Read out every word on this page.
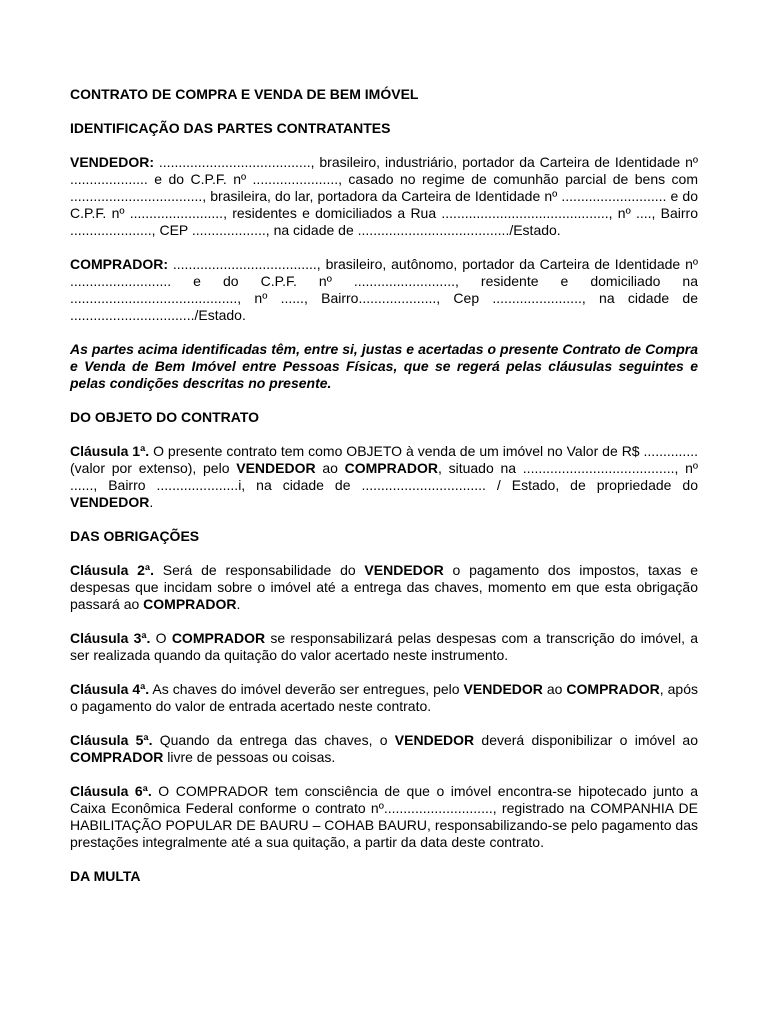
CONTRATO DE COMPRA E VENDA DE BEM IMÓVEL

IDENTIFICAÇÃO DAS PARTES CONTRATANTES

VENDEDOR: ......................................., brasileiro, industriário, portador da Carteira de Identidade nº .................... e do C.P.F. nº ......................, casado no regime de comunhão parcial de bens com .................................., brasileira, do lar, portadora da Carteira de Identidade nº ........................... e do C.P.F. nº ........................, residentes e domiciliados a Rua ..........................................., nº ...., Bairro ....................., CEP ..................., na cidade de ......................................./Estado.

COMPRADOR: ....................................., brasileiro, autônomo, portador da Carteira de Identidade nº .......................... e do C.P.F. nº .........................., residente e domiciliado na ..........................................., nº ......, Bairro...................., Cep ......................., na cidade de ................................/Estado.

As partes acima identificadas têm, entre si, justas e acertadas o presente Contrato de Compra e Venda de Bem Imóvel entre Pessoas Físicas, que se regerá pelas cláusulas seguintes e pelas condições descritas no presente.

DO OBJETO DO CONTRATO

Cláusula 1ª. O presente contrato tem como OBJETO à venda de um imóvel no Valor de R$ .............. (valor por extenso), pelo VENDEDOR ao COMPRADOR, situado na ......................................., nº ......, Bairro .....................i, na cidade de ................................ / Estado, de propriedade do VENDEDOR.

DAS OBRIGAÇÕES

Cláusula 2ª. Será de responsabilidade do VENDEDOR o pagamento dos impostos, taxas e despesas que incidam sobre o imóvel até a entrega das chaves, momento em que esta obrigação passará ao COMPRADOR.

Cláusula 3ª. O COMPRADOR se responsabilizará pelas despesas com a transcrição do imóvel, a ser realizada quando da quitação do valor acertado neste instrumento.

Cláusula 4ª. As chaves do imóvel deverão ser entregues, pelo VENDEDOR ao COMPRADOR, após o pagamento do valor de entrada acertado neste contrato.

Cláusula 5ª. Quando da entrega das chaves, o VENDEDOR deverá disponibilizar o imóvel ao COMPRADOR livre de pessoas ou coisas.

Cláusula 6ª. O COMPRADOR tem consciência de que o imóvel encontra-se hipotecado junto a Caixa Econômica Federal conforme o contrato nº............................, registrado na COMPANHIA DE HABILITAÇÃO POPULAR DE BAURU – COHAB BAURU, responsabilizando-se pelo pagamento das prestações integralmente até a sua quitação, a partir da data deste contrato.

DA MULTA
